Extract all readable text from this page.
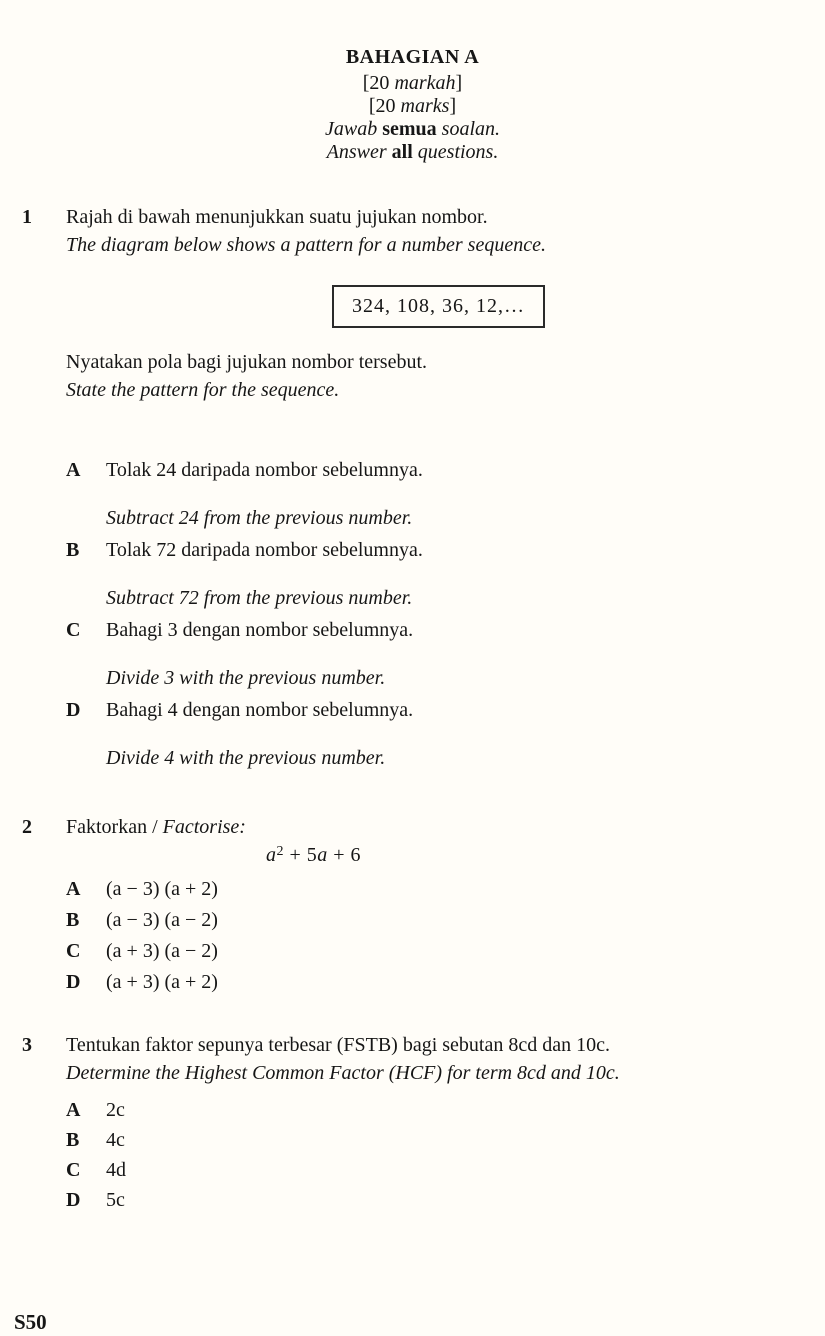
BAHAGIAN A
[20 markah]
[20 marks]
Jawab semua soalan.
Answer all questions.
1	Rajah di bawah menunjukkan suatu jujukan nombor.
The diagram below shows a pattern for a number sequence.
324, 108, 36, 12,…
Nyatakan pola bagi jujukan nombor tersebut.
State the pattern for the sequence.
A	Tolak 24 daripada nombor sebelumnya.
Subtract 24 from the previous number.
B	Tolak 72 daripada nombor sebelumnya.
Subtract 72 from the previous number.
C	Bahagi 3 dengan nombor sebelumnya.
Divide 3 with the previous number.
D	Bahagi 4 dengan nombor sebelumnya.
Divide 4 with the previous number.
2	Faktorkan / Factorise:
$a^2 + 5a + 6$
A	(a − 3) (a + 2)
B	(a − 3) (a − 2)
C	(a + 3) (a − 2)
D	(a + 3) (a + 2)
3	Tentukan faktor sepunya terbesar (FSTB) bagi sebutan 8cd dan 10c.
Determine the Highest Common Factor (HCF) for term 8cd and 10c.
A	2c
B	4c
C	4d
D	5c
S50
